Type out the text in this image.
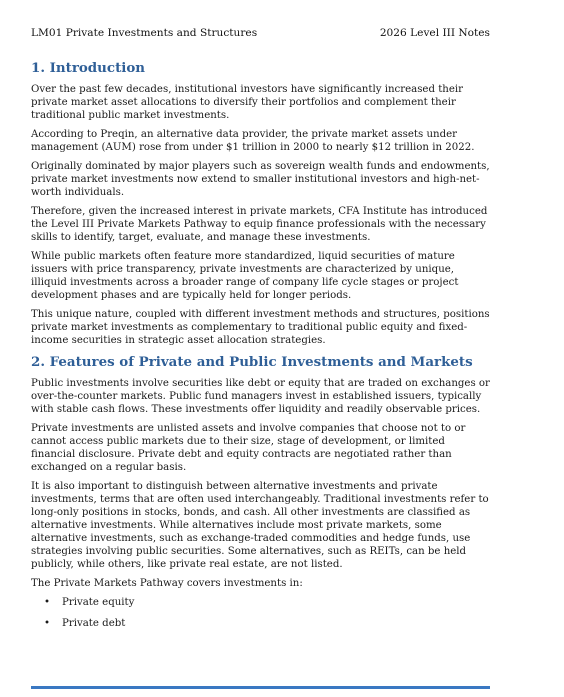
LM01 Private Investments and Structures	2026 Level III Notes
1. Introduction

Over the past few decades, institutional investors have significantly increased their private market asset allocations to diversify their portfolios and complement their traditional public market investments.

According to Preqin, an alternative data provider, the private market assets under management (AUM) rose from under $1 trillion in 2000 to nearly $12 trillion in 2022.

Originally dominated by major players such as sovereign wealth funds and endowments, private market investments now extend to smaller institutional investors and high-net-worth individuals.

Therefore, given the increased interest in private markets, CFA Institute has introduced the Level III Private Markets Pathway to equip finance professionals with the necessary skills to identify, target, evaluate, and manage these investments.

While public markets often feature more standardized, liquid securities of mature issuers with price transparency, private investments are characterized by unique, illiquid investments across a broader range of company life cycle stages or project development phases and are typically held for longer periods.

This unique nature, coupled with different investment methods and structures, positions private market investments as complementary to traditional public equity and fixed-income securities in strategic asset allocation strategies.

2. Features of Private and Public Investments and Markets

Public investments involve securities like debt or equity that are traded on exchanges or over-the-counter markets. Public fund managers invest in established issuers, typically with stable cash flows. These investments offer liquidity and readily observable prices.

Private investments are unlisted assets and involve companies that choose not to or cannot access public markets due to their size, stage of development, or limited financial disclosure. Private debt and equity contracts are negotiated rather than exchanged on a regular basis.

It is also important to distinguish between alternative investments and private investments, terms that are often used interchangeably. Traditional investments refer to long-only positions in stocks, bonds, and cash. All other investments are classified as alternative investments. While alternatives include most private markets, some alternative investments, such as exchange-traded commodities and hedge funds, use strategies involving public securities. Some alternatives, such as REITs, can be held publicly, while others, like private real estate, are not listed.

The Private Markets Pathway covers investments in:

• Private equity
• Private debt
